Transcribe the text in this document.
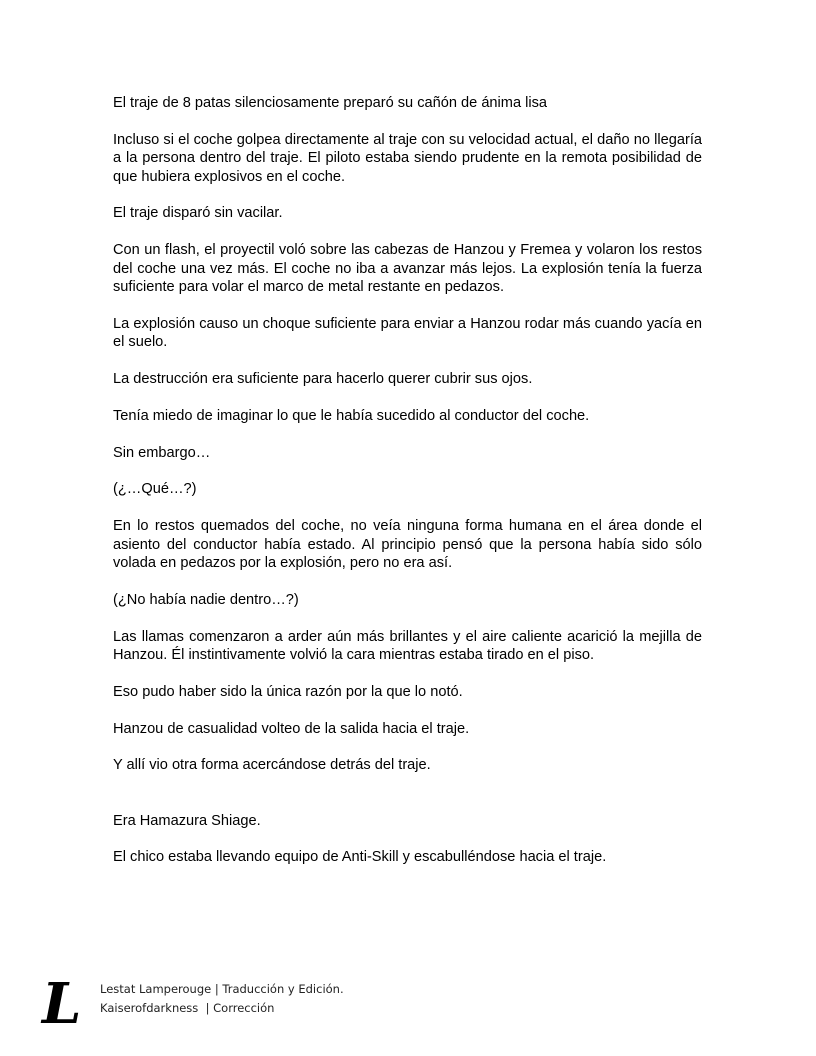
El traje de 8 patas silenciosamente preparó su cañón de ánima lisa

Incluso si el coche golpea directamente al traje con su velocidad actual, el daño no llegaría a la persona dentro del traje. El piloto estaba siendo prudente en la remota posibilidad de que hubiera explosivos en el coche.

El traje disparó sin vacilar.

Con un flash, el proyectil voló sobre las cabezas de Hanzou y Fremea y volaron los restos del coche una vez más. El coche no iba a avanzar más lejos. La explosión tenía la fuerza suficiente para volar el marco de metal restante en pedazos.

La explosión causo un choque suficiente para enviar a Hanzou rodar más cuando yacía en el suelo.

La destrucción era suficiente para hacerlo querer cubrir sus ojos.

Tenía miedo de imaginar lo que le había sucedido al conductor del coche.

Sin embargo…

(¿…Qué…?)

En lo restos quemados del coche, no veía ninguna forma humana en el área donde el asiento del conductor había estado. Al principio pensó que la persona había sido sólo volada en pedazos por la explosión, pero no era así.

(¿No había nadie dentro…?)

Las llamas comenzaron a arder aún más brillantes y el aire caliente acarició la mejilla de Hanzou. Él instintivamente volvió la cara mientras estaba tirado en el piso.

Eso pudo haber sido la única razón por la que lo notó.

Hanzou de casualidad volteo de la salida hacia el traje.

Y allí vio otra forma acercándose detrás del traje.

Era Hamazura Shiage.

El chico estaba llevando equipo de Anti-Skill y escabulléndose hacia el traje.

L	Lestat Lamperouge | Traducción y Edición.
Kaiserofdarkness  | Corrección
